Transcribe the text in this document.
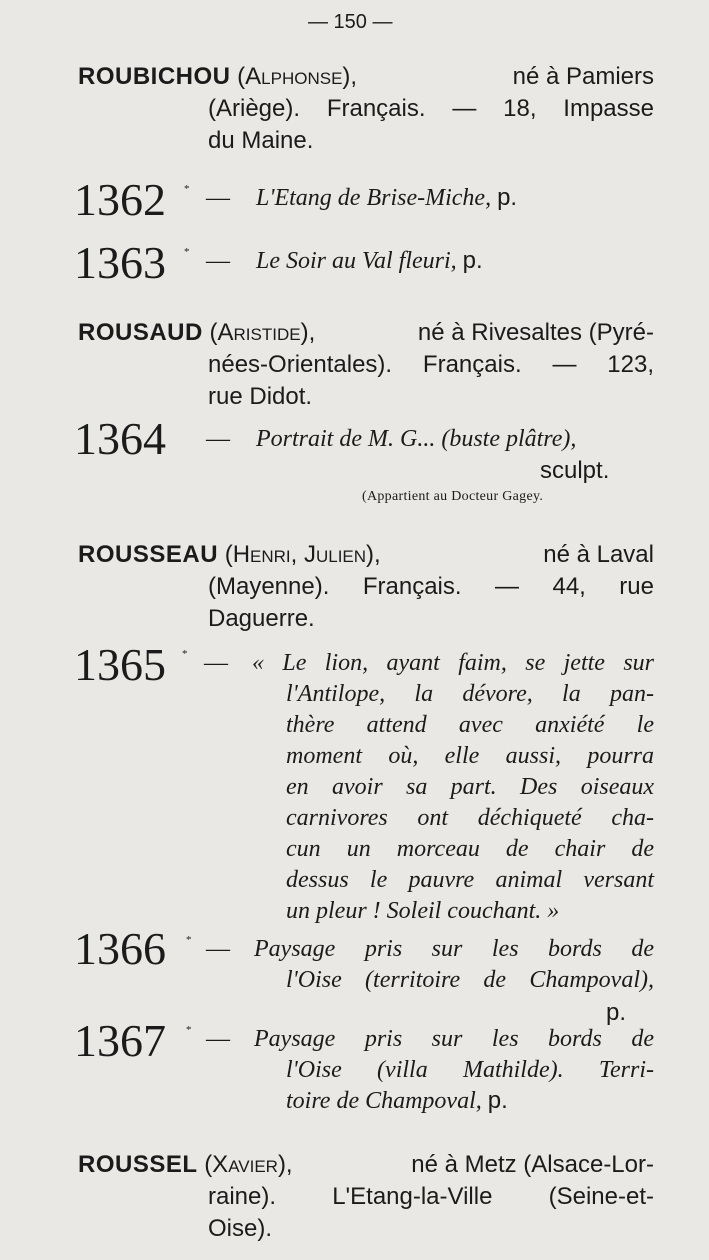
— 150 —
ROUBICHOU (Alphonse),	né à Pamiers
(Ariège). Français. — 18, Impasse
du Maine.
1362 * — L'Etang de Brise-Miche, p.
1363 * — Le Soir au Val fleuri, p.
ROUSAUD (Aristide),	né à Rivesaltes (Pyré-
nées-Orientales). Français. — 123,
rue Didot.
1364 — Portrait de M. G... (buste plâtre),
sculpt.
(Appartient au Docteur Gagey.
ROUSSEAU (Henri, Julien),	né à Laval
(Mayenne). Français. — 44, rue
Daguerre.
1365 * — « Le lion, ayant faim, se jette sur
l'Antilope, la dévore, la pan-
thère attend avec anxiété le
moment où, elle aussi, pourra
en avoir sa part. Des oiseaux
carnivores ont déchiqueté cha-
cun un morceau de chair de
dessus le pauvre animal versant
un pleur ! Soleil couchant. »
1366 * — Paysage pris sur les bords de
l'Oise (territoire de Champoval),
p.
1367 * — Paysage pris sur les bords de
l'Oise (villa Mathilde). Terri-
toire de Champoval, p.
ROUSSEL (Xavier),	né à Metz (Alsace-Lor-
raine). L'Etang-la-Ville (Seine-et-
Oise).
